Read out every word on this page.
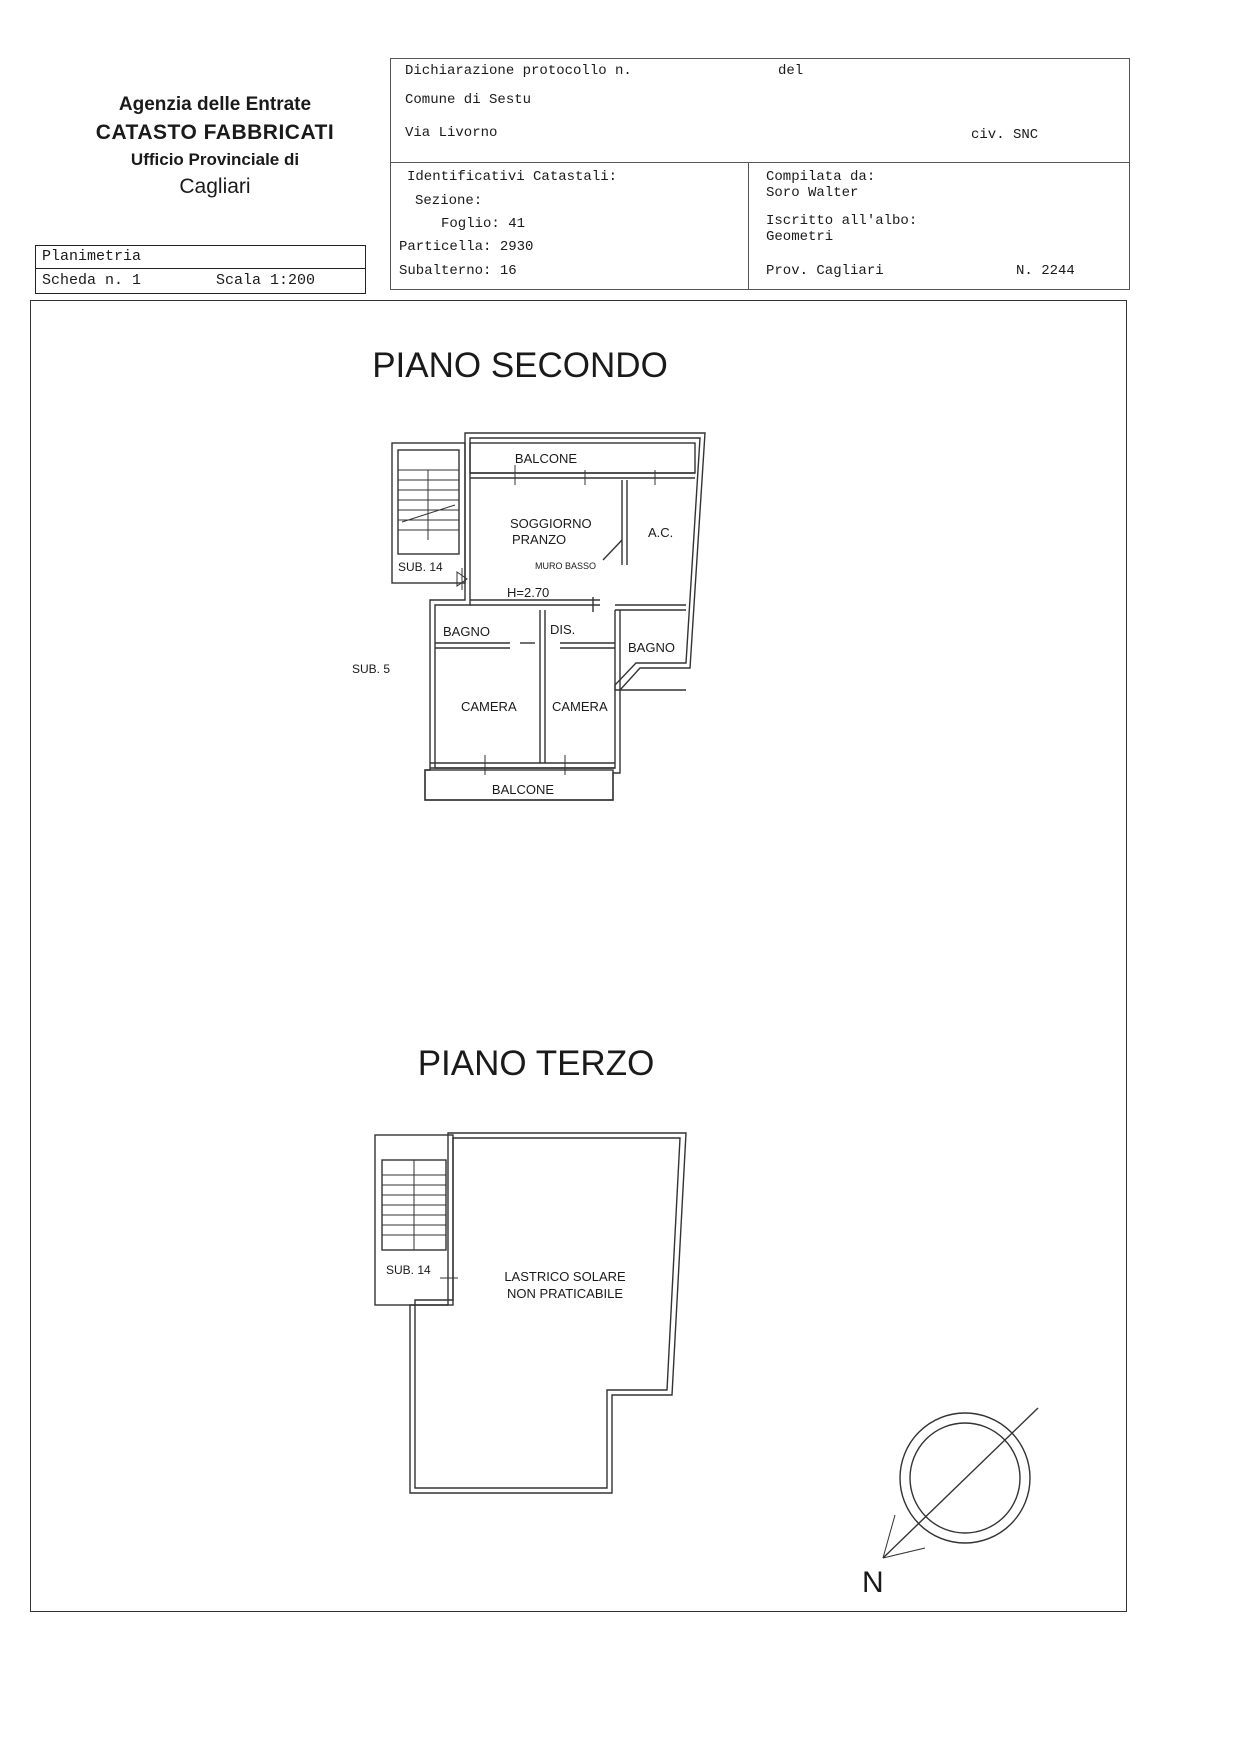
Agenzia delle Entrate
CATASTO FABBRICATI
Ufficio Provinciale di
Cagliari
Planimetria
Scheda n. 1	Scala 1:200
Dichiarazione protocollo n.	del
Comune di Sestu
Via Livorno	civ. SNC
Identificativi Catastali:
Sezione:
Foglio: 41
Particella: 2930
Subalterno: 16
Compilata da:
Soro Walter
Iscritto all'albo:
Geometri
Prov. Cagliari	N. 2244
PIANO SECONDO
BALCONE
SOGGIORNO
PRANZO	A.C.
MURO BASSO
SUB. 14
H=2.70
BAGNO	DIS.
BAGNO
SUB. 5
CAMERA	CAMERA
BALCONE
PIANO TERZO
SUB. 14	LASTRICO SOLARE
NON PRATICABILE
N
